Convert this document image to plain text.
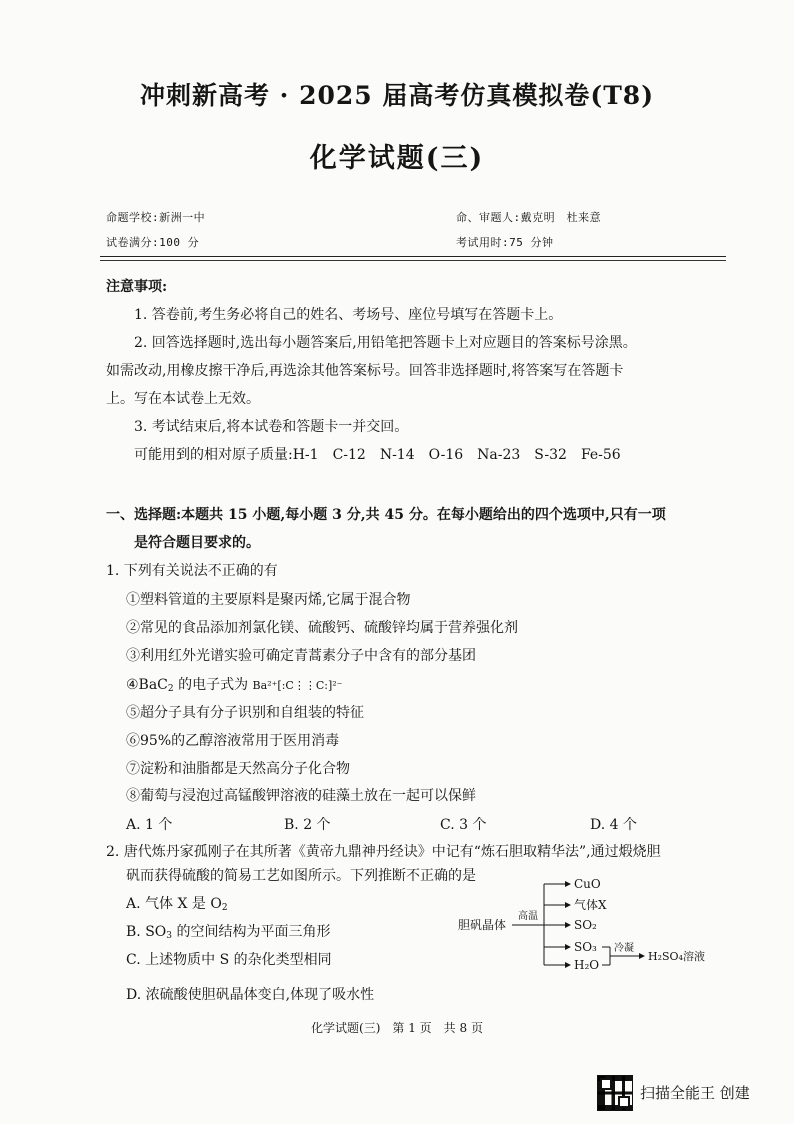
冲刺新高考 · 2025 届高考仿真模拟卷(T8)
化学试题(三)
命题学校:新洲一中	命、审题人:戴克明　杜来意
试卷满分:100 分	考试用时:75 分钟
注意事项:
1. 答卷前,考生务必将自己的姓名、考场号、座位号填写在答题卡上。
2. 回答选择题时,选出每小题答案后,用铅笔把答题卡上对应题目的答案标号涂黑。
如需改动,用橡皮擦干净后,再选涂其他答案标号。回答非选择题时,将答案写在答题卡
上。写在本试卷上无效。
3. 考试结束后,将本试卷和答题卡一并交回。
可能用到的相对原子质量:H-1　C-12　N-14　O-16　Na-23　S-32　Fe-56
一、选择题:本题共 15 小题,每小题 3 分,共 45 分。在每小题给出的四个选项中,只有一项
是符合题目要求的。
1. 下列有关说法不正确的有
①塑料管道的主要原料是聚丙烯,它属于混合物
②常见的食品添加剂氯化镁、硫酸钙、硫酸锌均属于营养强化剂
③利用红外光谱实验可确定青蒿素分子中含有的部分基团
④BaC$_2$ 的电子式为 Ba²⁺[:C⋮⋮C:]²⁻
⑤超分子具有分子识别和自组装的特征
⑥95%的乙醇溶液常用于医用消毒
⑦淀粉和油脂都是天然高分子化合物
⑧葡萄与浸泡过高锰酸钾溶液的硅藻土放在一起可以保鲜
A. 1 个	B. 2 个	C. 3 个	D. 4 个
2. 唐代炼丹家孤刚子在其所著《黄帝九鼎神丹经诀》中记有“炼石胆取精华法”,通过煅烧胆
矾而获得硫酸的简易工艺如图所示。下列推断不正确的是
A. 气体 X 是 $O_2$
B. $SO_3$ 的空间结构为平面三角形
C. 上述物质中 S 的杂化类型相同
D. 浓硫酸使胆矾晶体变白,体现了吸水性
胆矾晶体
高温
CuO
气体X
SO₂
SO₃
H₂O
冷凝
H₂SO₄溶液
化学试题(三)　第 1 页　共 8 页
扫描全能王 创建
